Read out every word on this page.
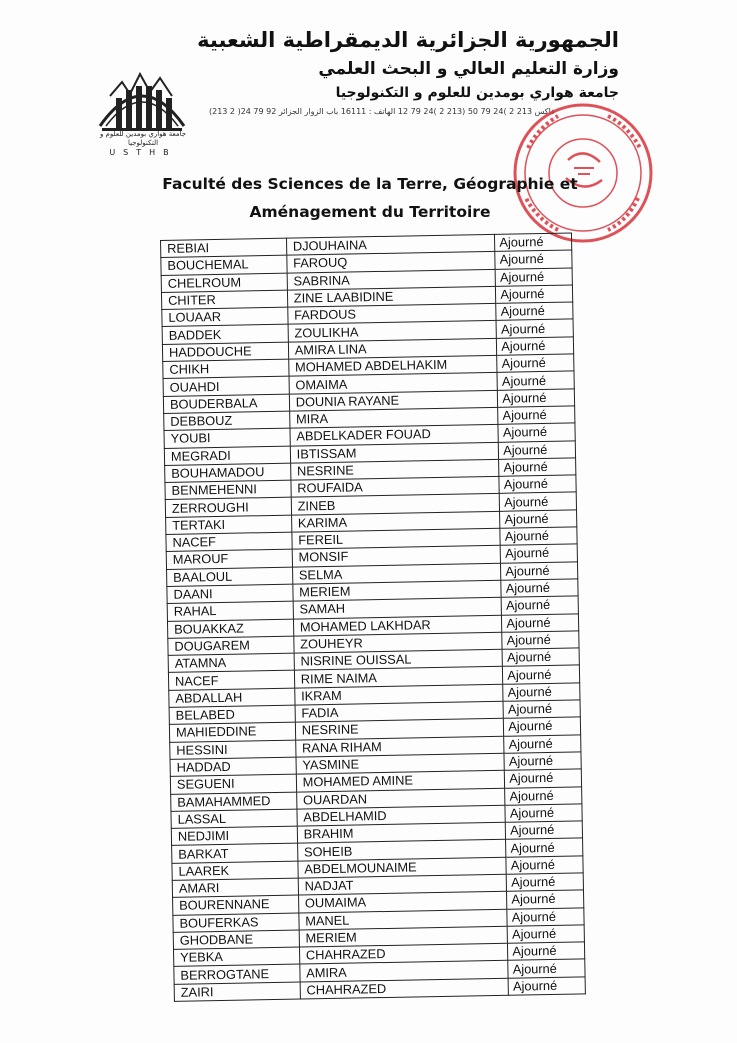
جامعة هواري بومدين للعلوم و التكنولوجيا
USTHB
الجمهورية الجزائرية الديمقراطية الشعبية
وزارة التعليم العالي و البحث العلمي
جامعة هواري بومدين للعلوم و التكنولوجيا
(213 2 )24 79 92 فاكس 213 2 )24 79 50 (213 2 )24 79 12 الهاتف : 16111 باب الزوار الجزائر
Faculté des Sciences de la Terre, Géographie et
Aménagement du Territoire
REBIAI	DJOUHAINA	Ajourné
BOUCHEMAL	FAROUQ	Ajourné
CHELROUM	SABRINA	Ajourné
CHITER	ZINE LAABIDINE	Ajourné
LOUAAR	FARDOUS	Ajourné
BADDEK	ZOULIKHA	Ajourné
HADDOUCHE	AMIRA LINA	Ajourné
CHIKH	MOHAMED ABDELHAKIM	Ajourné
OUAHDI	OMAIMA	Ajourné
BOUDERBALA	DOUNIA RAYANE	Ajourné
DEBBOUZ	MIRA	Ajourné
YOUBI	ABDELKADER FOUAD	Ajourné
MEGRADI	IBTISSAM	Ajourné
BOUHAMADOU	NESRINE	Ajourné
BENMEHENNI	ROUFAIDA	Ajourné
ZERROUGHI	ZINEB	Ajourné
TERTAKI	KARIMA	Ajourné
NACEF	FEREIL	Ajourné
MAROUF	MONSIF	Ajourné
BAALOUL	SELMA	Ajourné
DAANI	MERIEM	Ajourné
RAHAL	SAMAH	Ajourné
BOUAKKAZ	MOHAMED LAKHDAR	Ajourné
DOUGAREM	ZOUHEYR	Ajourné
ATAMNA	NISRINE OUISSAL	Ajourné
NACEF	RIME NAIMA	Ajourné
ABDALLAH	IKRAM	Ajourné
BELABED	FADIA	Ajourné
MAHIEDDINE	NESRINE	Ajourné
HESSINI	RANA RIHAM	Ajourné
HADDAD	YASMINE	Ajourné
SEGUENI	MOHAMED AMINE	Ajourné
BAMAHAMMED	OUARDAN	Ajourné
LASSAL	ABDELHAMID	Ajourné
NEDJIMI	BRAHIM	Ajourné
BARKAT	SOHEIB	Ajourné
LAAREK	ABDELMOUNAIME	Ajourné
AMARI	NADJAT	Ajourné
BOURENNANE	OUMAIMA	Ajourné
BOUFERKAS	MANEL	Ajourné
GHODBANE	MERIEM	Ajourné
YEBKA	CHAHRAZED	Ajourné
BERROGTANE	AMIRA	Ajourné
ZAIRI	CHAHRAZED	Ajourné
